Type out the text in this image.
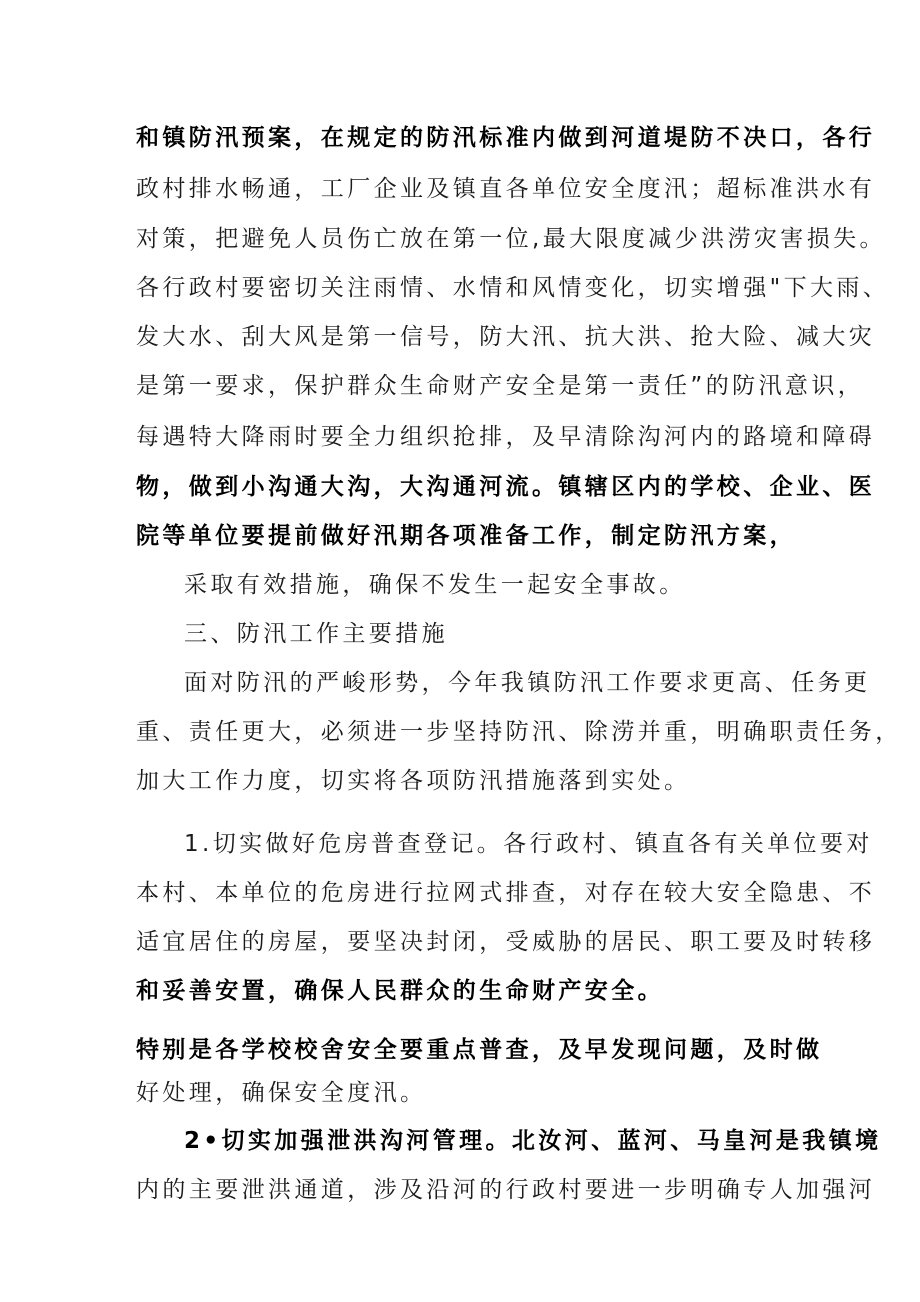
和镇防汛预案，在规定的防汛标准内做到河道堤防不决口，各行
政村排水畅通，工厂企业及镇直各单位安全度汛；超标准洪水有
对策，把避免人员伤亡放在第一位,最大限度减少洪涝灾害损失。
各行政村要密切关注雨情、水情和风情变化，切实增强"下大雨、
发大水、刮大风是第一信号，防大汛、抗大洪、抢大险、减大灾
是第一要求，保护群众生命财产安全是第一责任”的防汛意识，
每遇特大降雨时要全力组织抢排，及早清除沟河内的路境和障碍
物，做到小沟通大沟，大沟通河流。镇辖区内的学校、企业、医
院等单位要提前做好汛期各项准备工作，制定防汛方案，
采取有效措施，确保不发生一起安全事故。
三、防汛工作主要措施
面对防汛的严峻形势，今年我镇防汛工作要求更高、任务更
重、责任更大，必须进一步坚持防汛、除涝并重，明确职责任务，
加大工作力度，切实将各项防汛措施落到实处。
1.切实做好危房普查登记。各行政村、镇直各有关单位要对
本村、本单位的危房进行拉网式排查，对存在较大安全隐患、不
适宜居住的房屋，要坚决封闭，受威胁的居民、职工要及时转移
和妥善安置，确保人民群众的生命财产安全。
特别是各学校校舍安全要重点普查，及早发现问题，及时做
好处理，确保安全度汛。
2•切实加强泄洪沟河管理。北汝河、蓝河、马皇河是我镇境
内的主要泄洪通道，涉及沿河的行政村要进一步明确专人加强河
